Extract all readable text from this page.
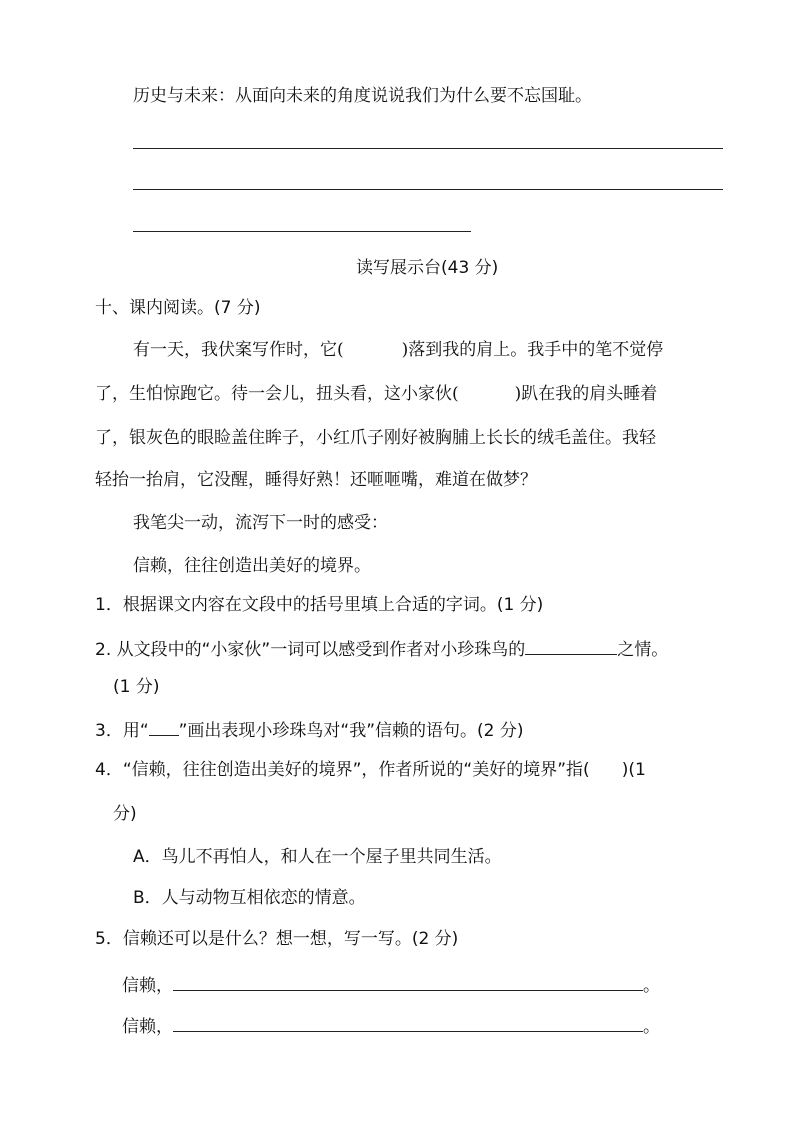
历史与未来：从面向未来的角度说说我们为什么要不忘国耻。
读写展示台(43 分)
十、课内阅读。(7 分)
有一天，我伏案写作时，它(	)落到我的肩上。我手中的笔不觉停
了，生怕惊跑它。待一会儿，扭头看，这小家伙(	)趴在我的肩头睡着
了，银灰色的眼睑盖住眸子，小红爪子刚好被胸脯上长长的绒毛盖住。我轻
轻抬一抬肩，它没醒，睡得好熟！还咂咂嘴，难道在做梦？
我笔尖一动，流泻下一时的感受：
信赖，往往创造出美好的境界。
1．根据课文内容在文段中的括号里填上合适的字词。(1 分)
2. 从文段中的“小家伙”一词可以感受到作者对小珍珠鸟的	之情。
(1 分)
3．用“ ”画出表现小珍珠鸟对“我”信赖的语句。(2 分)
4．“信赖，往往创造出美好的境界”，作者所说的“美好的境界”指( )(1
分)
A．鸟儿不再怕人，和人在一个屋子里共同生活。
B．人与动物互相依恋的情意。
5．信赖还可以是什么？想一想，写一写。(2 分)
信赖，	。
信赖，	。
